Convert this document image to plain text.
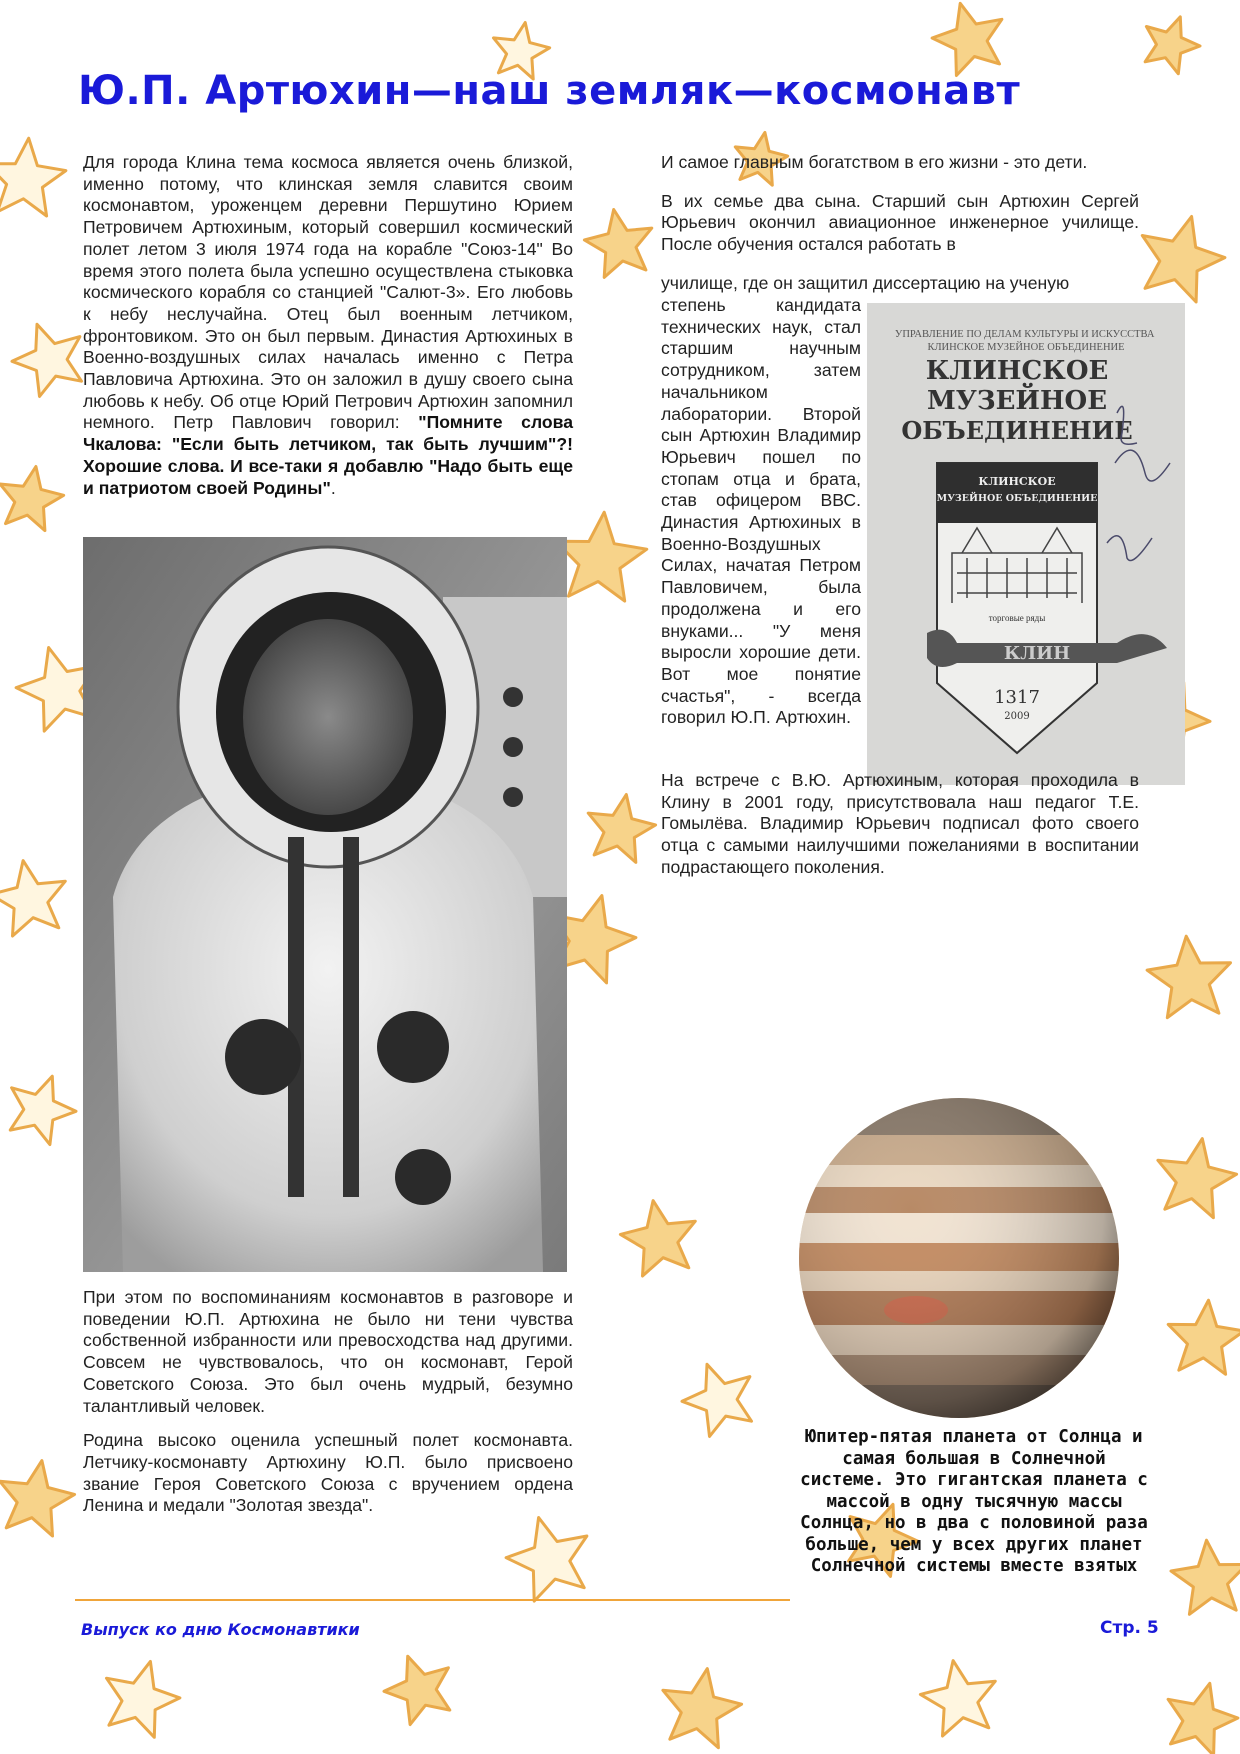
Ю.П. Артюхин—наш земляк—космонавт

Для города Клина тема космоса является очень близкой, именно потому, что клинская земля славится своим космонавтом, уроженцем деревни Першутино Юрием Петровичем Артюхиным, который совершил космический полет летом 3 июля 1974 года на корабле "Союз-14" Во время этого полета была успешно осуществлена стыковка космического корабля со станцией "Салют-3». Его любовь к небу неслучайна. Отец был военным летчиком, фронтовиком. Это он был первым. Династия Артюхиных в Военно-воздушных силах началась именно с Петра Павловича Артюхина. Это он заложил в душу своего сына любовь к небу. Об отце Юрий Петрович Артюхин запомнил немного. Петр Павлович говорил: "Помните слова Чкалова: "Если быть летчиком, так быть лучшим"?! Хорошие слова. И все-таки я добавлю "Надо быть еще и патриотом своей Родины".

При этом по воспоминаниям космонавтов в разговоре и поведении Ю.П. Артюхина не было ни тени чувства собственной избранности или превосходства над другими. Совсем не чувствовалось, что он космонавт, Герой Советского Союза. Это был очень мудрый, безумно талантливый человек.

Родина высоко оценила успешный полет космонавта. Летчику-космонавту Артюхину Ю.П. было присвоено звание Героя Советского Союза с вручением ордена Ленина и медали "Золотая звезда".

И самое главным богатством в его жизни - это дети.

В их семье два сына. Старший сын Артюхин Сергей Юрьевич окончил авиационное инженерное училище. После обучения остался работать в

училище, где он защитил диссертацию на ученую

степень кандидата технических наук, стал старшим научным сотрудником, затем начальником лаборатории. Второй сын Артюхин Владимир Юрьевич пошел по стопам отца и брата, став офицером ВВС. Династия Артюхиных в Военно-Воздушных Силах, начатая Петром Павловичем, была продолжена и его внуками... "У меня выросли хорошие дети. Вот мое понятие счастья", - всегда говорил Ю.П. Артюхин.

УПРАВЛЕНИЕ ПО ДЕЛАМ КУЛЬТУРЫ И ИСКУССТВА КЛИНСКОЕ МУЗЕЙНОЕ ОБЪЕДИНЕНИЕ
КЛИНСКОЕ
МУЗЕЙНОЕ
ОБЪЕДИНЕНИЕ
КЛИНСКОЕ
МУЗЕЙНОЕ ОБЪЕДИНЕНИЕ
торговые ряды
КЛИН
1317
2009

На встрече с В.Ю. Артюхиным, которая проходила в Клину в 2001 году, присутствовала наш педагог Т.Е. Гомылёва. Владимир Юрьевич подписал фото своего отца с самыми наилучшими пожеланиями в воспитании подрастающего поколения.

Юпитер-пятая планета от Солнца и самая большая в Солнечной системе. Это гигантская планета с массой в одну тысячную массы Солнца, но в два с половиной раза больше, чем у всех других планет Солнечной системы вместе взятых
Выпуск ко дню Космонавтики	Стр. 5
